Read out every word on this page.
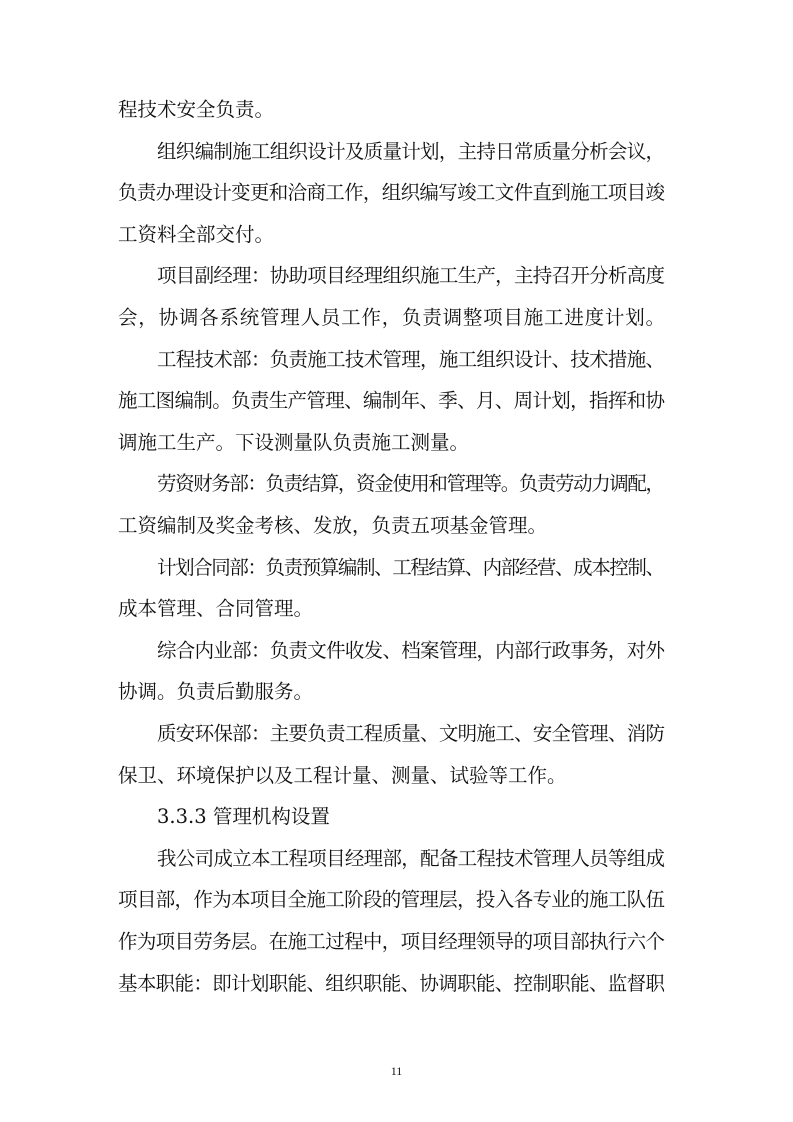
11
程技术安全负责。
组织编制施工组织设计及质量计划，主持日常质量分析会议，
负责办理设计变更和洽商工作，组织编写竣工文件直到施工项目竣
工资料全部交付。
项目副经理：协助项目经理组织施工生产，主持召开分析高度
会，协调各系统管理人员工作，负责调整项目施工进度计划。
工程技术部：负责施工技术管理，施工组织设计、技术措施、
施工图编制。负责生产管理、编制年、季、月、周计划，指挥和协
调施工生产。下设测量队负责施工测量。
劳资财务部：负责结算，资金使用和管理等。负责劳动力调配，
工资编制及奖金考核、发放，负责五项基金管理。
计划合同部：负责预算编制、工程结算、内部经营、成本控制、
成本管理、合同管理。
综合内业部：负责文件收发、档案管理，内部行政事务，对外
协调。负责后勤服务。
质安环保部：主要负责工程质量、文明施工、安全管理、消防
保卫、环境保护以及工程计量、测量、试验等工作。
3.3.3 管理机构设置
我公司成立本工程项目经理部，配备工程技术管理人员等组成
项目部，作为本项目全施工阶段的管理层，投入各专业的施工队伍
作为项目劳务层。在施工过程中，项目经理领导的项目部执行六个
基本职能：即计划职能、组织职能、协调职能、控制职能、监督职
